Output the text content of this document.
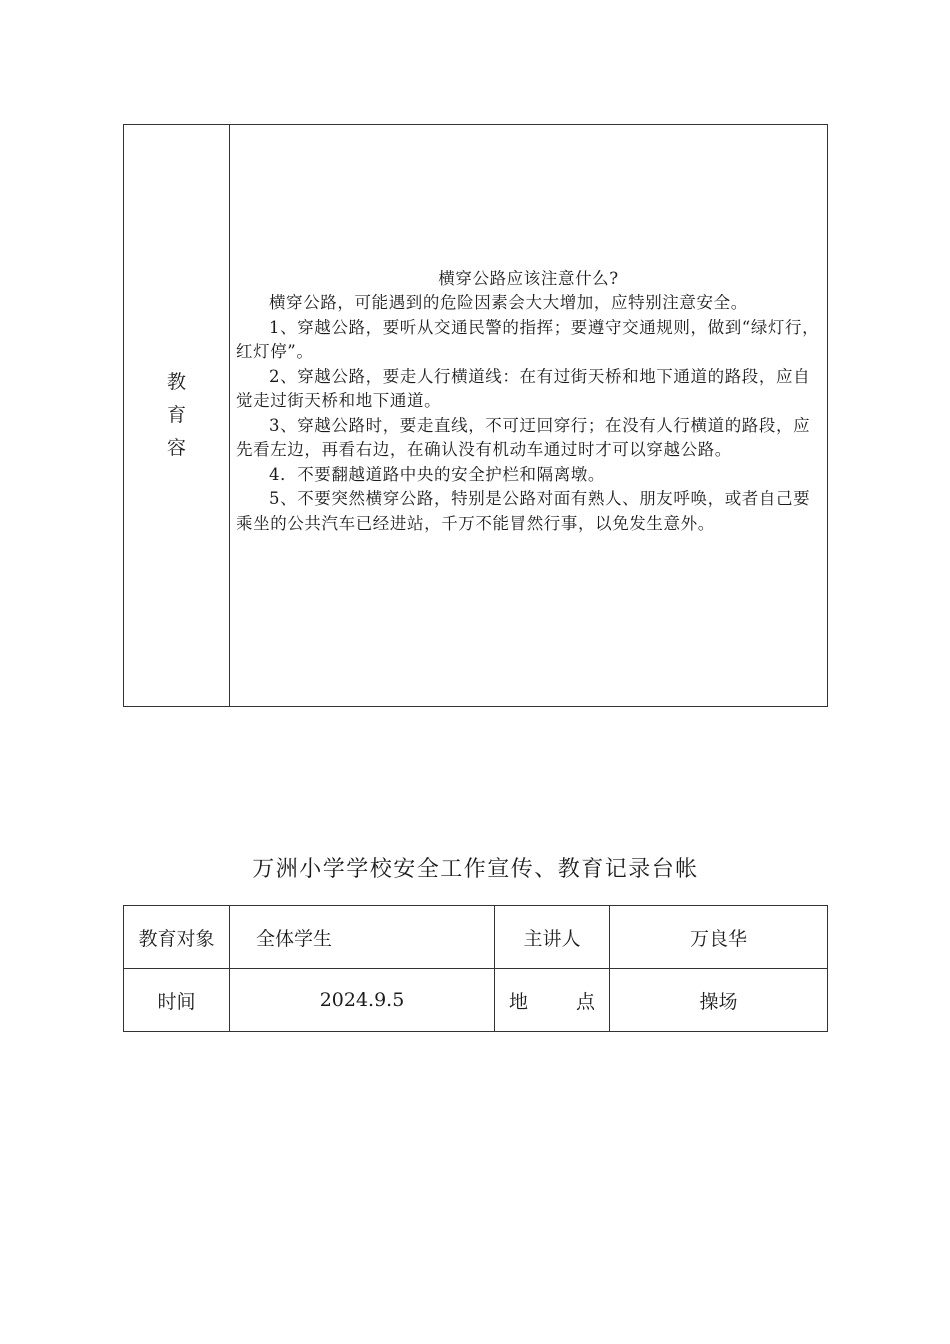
教
育
容

横穿公路应该注意什么?

横穿公路，可能遇到的危险因素会大大增加，应特别注意安全。

1、穿越公路，要听从交通民警的指挥；要遵守交通规则，做到“绿灯行，红灯停”。

2、穿越公路，要走人行横道线：在有过街天桥和地下通道的路段，应自觉走过街天桥和地下通道。

3、穿越公路时，要走直线，不可迂回穿行；在没有人行横道的路段，应先看左边，再看右边，在确认没有机动车通过时才可以穿越公路。

4．不要翻越道路中央的安全护栏和隔离墩。

5、不要突然横穿公路，特别是公路对面有熟人、朋友呼唤，或者自己要乘坐的公共汽车已经进站，千万不能冒然行事，以免发生意外。

万洲小学学校安全工作宣传、教育记录台帐
教育对象	全体学生	主讲人	万良华
时间	2024.9.5	地 点	操场
